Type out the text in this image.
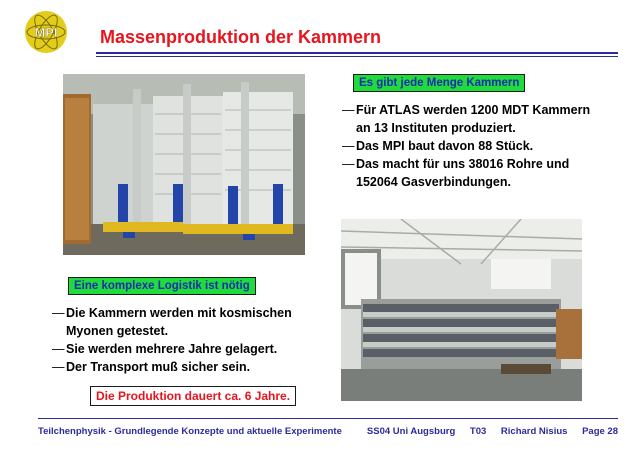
MPI Massenproduktion der Kammern
Es gibt jede Menge Kammern
— Für ATLAS werden 1200 MDT Kammern
an 13 Instituten produziert.
— Das MPI baut davon 88 Stück.
— Das macht für uns 38016 Rohre und
152064 Gasverbindungen.
Eine komplexe Logistik ist nötig
— Die Kammern werden mit kosmischen
Myonen getestet.
— Sie werden mehrere Jahre gelagert.
— Der Transport muß sicher sein.
Die Produktion dauert ca. 6 Jahre.
Teilchenphysik - Grundlegende Konzepte und aktuelle Experimente	SS04 Uni Augsburg T03 Richard Nisius Page 28
